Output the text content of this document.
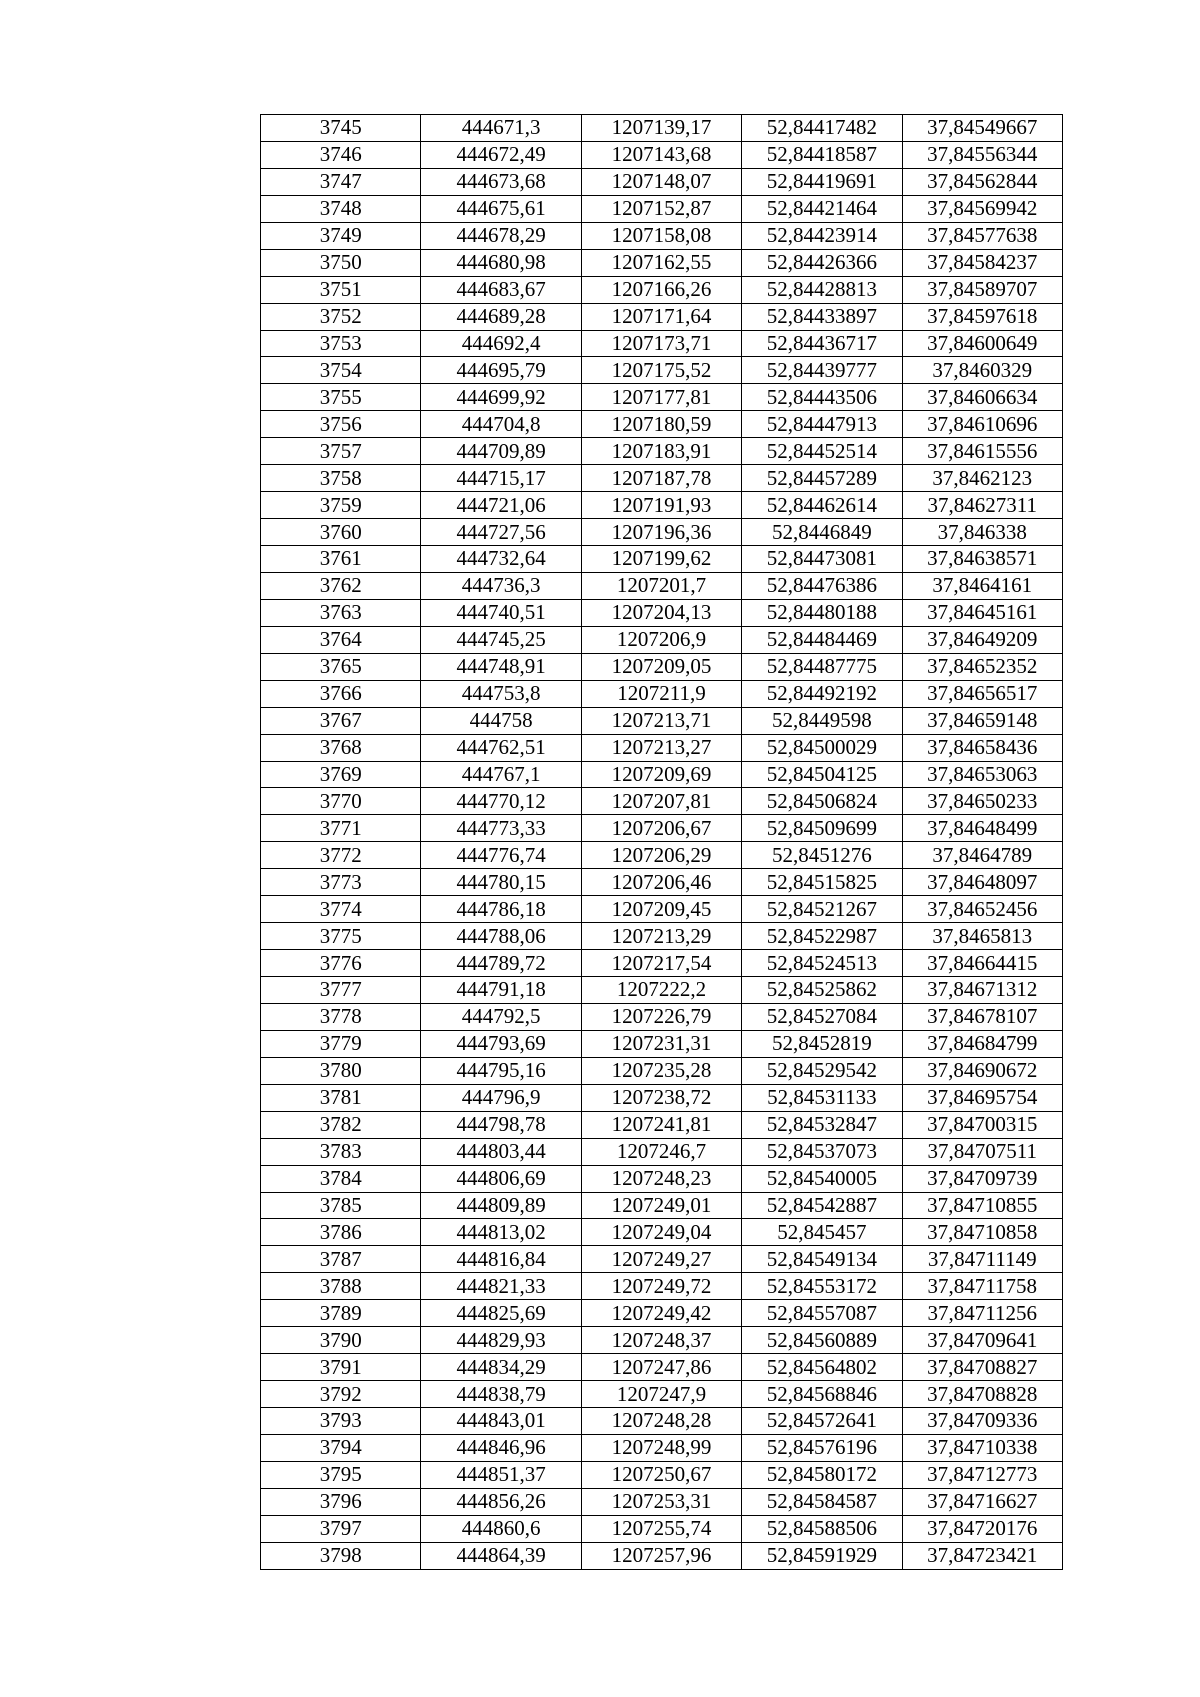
3745	444671,3	1207139,17	52,84417482	37,84549667
3746	444672,49	1207143,68	52,84418587	37,84556344
3747	444673,68	1207148,07	52,84419691	37,84562844
3748	444675,61	1207152,87	52,84421464	37,84569942
3749	444678,29	1207158,08	52,84423914	37,84577638
3750	444680,98	1207162,55	52,84426366	37,84584237
3751	444683,67	1207166,26	52,84428813	37,84589707
3752	444689,28	1207171,64	52,84433897	37,84597618
3753	444692,4	1207173,71	52,84436717	37,84600649
3754	444695,79	1207175,52	52,84439777	37,8460329
3755	444699,92	1207177,81	52,84443506	37,84606634
3756	444704,8	1207180,59	52,84447913	37,84610696
3757	444709,89	1207183,91	52,84452514	37,84615556
3758	444715,17	1207187,78	52,84457289	37,8462123
3759	444721,06	1207191,93	52,84462614	37,84627311
3760	444727,56	1207196,36	52,8446849	37,846338
3761	444732,64	1207199,62	52,84473081	37,84638571
3762	444736,3	1207201,7	52,84476386	37,8464161
3763	444740,51	1207204,13	52,84480188	37,84645161
3764	444745,25	1207206,9	52,84484469	37,84649209
3765	444748,91	1207209,05	52,84487775	37,84652352
3766	444753,8	1207211,9	52,84492192	37,84656517
3767	444758	1207213,71	52,8449598	37,84659148
3768	444762,51	1207213,27	52,84500029	37,84658436
3769	444767,1	1207209,69	52,84504125	37,84653063
3770	444770,12	1207207,81	52,84506824	37,84650233
3771	444773,33	1207206,67	52,84509699	37,84648499
3772	444776,74	1207206,29	52,8451276	37,8464789
3773	444780,15	1207206,46	52,84515825	37,84648097
3774	444786,18	1207209,45	52,84521267	37,84652456
3775	444788,06	1207213,29	52,84522987	37,8465813
3776	444789,72	1207217,54	52,84524513	37,84664415
3777	444791,18	1207222,2	52,84525862	37,84671312
3778	444792,5	1207226,79	52,84527084	37,84678107
3779	444793,69	1207231,31	52,8452819	37,84684799
3780	444795,16	1207235,28	52,84529542	37,84690672
3781	444796,9	1207238,72	52,84531133	37,84695754
3782	444798,78	1207241,81	52,84532847	37,84700315
3783	444803,44	1207246,7	52,84537073	37,84707511
3784	444806,69	1207248,23	52,84540005	37,84709739
3785	444809,89	1207249,01	52,84542887	37,84710855
3786	444813,02	1207249,04	52,845457	37,84710858
3787	444816,84	1207249,27	52,84549134	37,84711149
3788	444821,33	1207249,72	52,84553172	37,84711758
3789	444825,69	1207249,42	52,84557087	37,84711256
3790	444829,93	1207248,37	52,84560889	37,84709641
3791	444834,29	1207247,86	52,84564802	37,84708827
3792	444838,79	1207247,9	52,84568846	37,84708828
3793	444843,01	1207248,28	52,84572641	37,84709336
3794	444846,96	1207248,99	52,84576196	37,84710338
3795	444851,37	1207250,67	52,84580172	37,84712773
3796	444856,26	1207253,31	52,84584587	37,84716627
3797	444860,6	1207255,74	52,84588506	37,84720176
3798	444864,39	1207257,96	52,84591929	37,84723421
